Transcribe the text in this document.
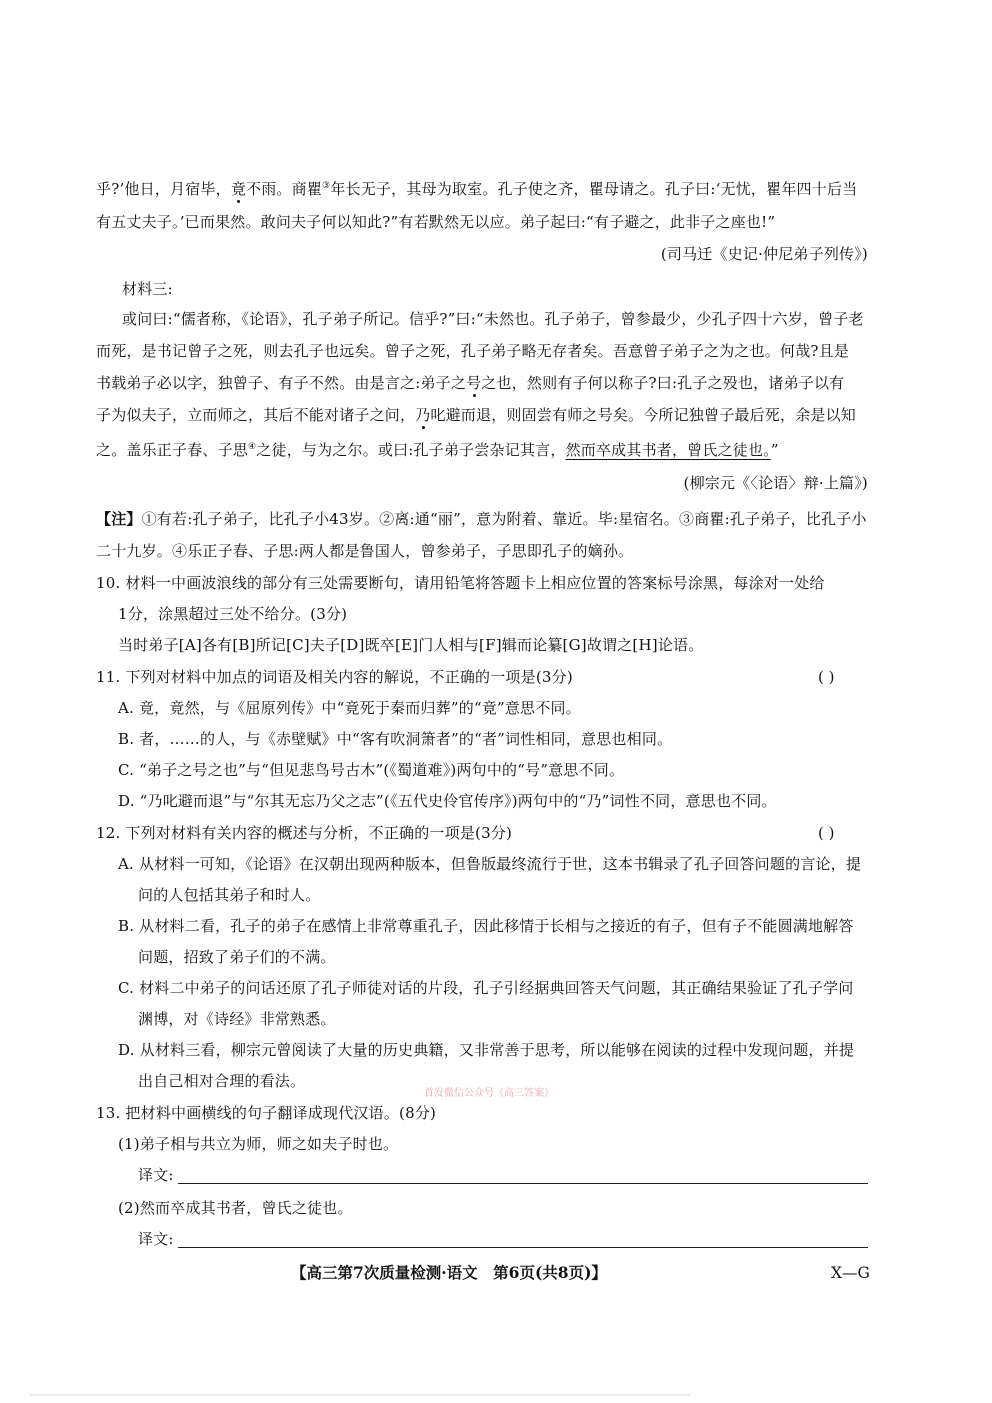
乎?’他日，月宿毕，竟不雨。商瞿③年长无子，其母为取室。孔子使之齐，瞿母请之。孔子曰:‘无忧，瞿年四十后当
有五丈夫子。’已而果然。敢问夫子何以知此?”有若默然无以应。弟子起曰:“有子避之，此非子之座也!”
(司马迁《史记·仲尼弟子列传》)
材料三:
或问曰:“儒者称，《论语》，孔子弟子所记。信乎?”曰:“未然也。孔子弟子，曾参最少，少孔子四十六岁，曾子老
而死，是书记曾子之死，则去孔子也远矣。曾子之死，孔子弟子略无存者矣。吾意曾子弟子之为之也。何哉?且是
书载弟子必以字，独曾子、有子不然。由是言之:弟子之号之也，然则有子何以称子?曰:孔子之殁也，诸弟子以有
子为似夫子，立而师之，其后不能对诸子之问，乃叱避而退，则固尝有师之号矣。今所记独曾子最后死，余是以知
之。盖乐正子春、子思④之徒，与为之尔。或曰:孔子弟子尝杂记其言，然而卒成其书者，曾氏之徒也。”
(柳宗元《〈论语〉辩·上篇》)
【注】①有若:孔子弟子，比孔子小43岁。②离:通“丽”，意为附着、靠近。毕:星宿名。③商瞿:孔子弟子，比孔子小
二十九岁。④乐正子春、子思:两人都是鲁国人，曾参弟子，子思即孔子的嫡孙。
10. 材料一中画波浪线的部分有三处需要断句，请用铅笔将答题卡上相应位置的答案标号涂黑，每涂对一处给
1分，涂黑超过三处不给分。(3分)
当时弟子[A]各有[B]所记[C]夫子[D]既卒[E]门人相与[F]辑而论纂[G]故谓之[H]论语。
11. 下列对材料中加点的词语及相关内容的解说，不正确的一项是(3分)	( )
A. 竟，竟然，与《屈原列传》中“竟死于秦而归葬”的“竟”意思不同。
B. 者，……的人，与《赤壁赋》中“客有吹洞箫者”的“者”词性相同，意思也相同。
C. “弟子之号之也”与“但见悲鸟号古木”(《蜀道难》)两句中的“号”意思不同。
D. “乃叱避而退”与“尔其无忘乃父之志”(《五代史伶官传序》)两句中的“乃”词性不同，意思也不同。
12. 下列对材料有关内容的概述与分析，不正确的一项是(3分)	( )
A. 从材料一可知，《论语》在汉朝出现两种版本，但鲁版最终流行于世，这本书辑录了孔子回答问题的言论，提
问的人包括其弟子和时人。
B. 从材料二看，孔子的弟子在感情上非常尊重孔子，因此移情于长相与之接近的有子，但有子不能圆满地解答
问题，招致了弟子们的不满。
C. 材料二中弟子的问话还原了孔子师徒对话的片段，孔子引经据典回答天气问题，其正确结果验证了孔子学问
渊博，对《诗经》非常熟悉。
D. 从材料三看，柳宗元曾阅读了大量的历史典籍，又非常善于思考，所以能够在阅读的过程中发现问题，并提
出自己相对合理的看法。
首发微信公众号《高三答案》
13. 把材料中画横线的句子翻译成现代汉语。(8分)
(1)弟子相与共立为师，师之如夫子时也。
译文:
(2)然而卒成其书者，曾氏之徒也。
译文:
【高三第7次质量检测·语文　第6页(共8页)】	X—G
